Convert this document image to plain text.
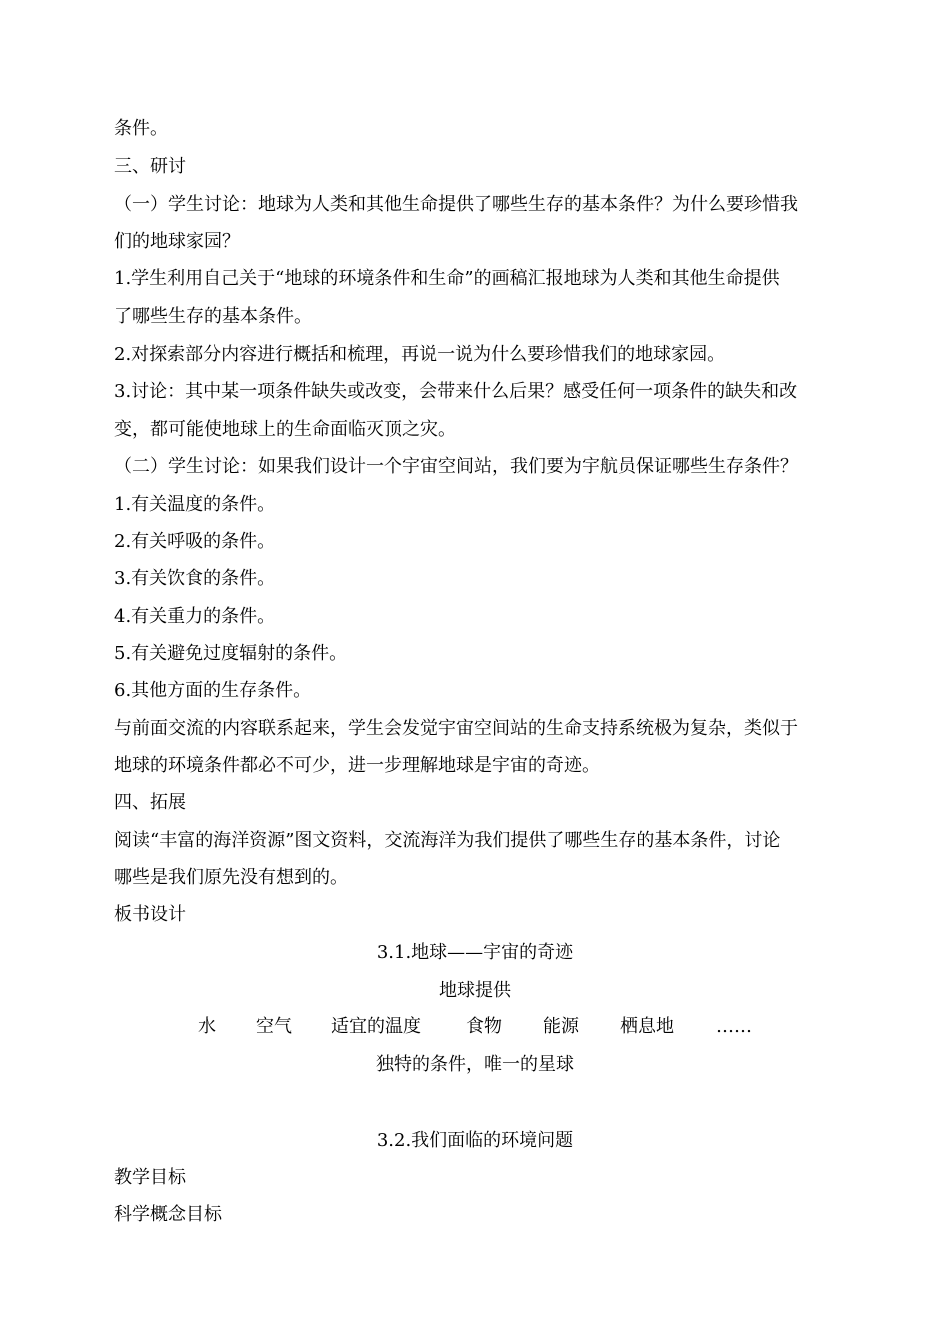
条件。
三、研讨
（一）学生讨论：地球为人类和其他生命提供了哪些生存的基本条件？为什么要珍惜我
们的地球家园？
1.学生利用自己关于“地球的环境条件和生命”的画稿汇报地球为人类和其他生命提供
了哪些生存的基本条件。
2.对探索部分内容进行概括和梳理，再说一说为什么要珍惜我们的地球家园。
3.讨论：其中某一项条件缺失或改变，会带来什么后果？感受任何一项条件的缺失和改
变，都可能使地球上的生命面临灭顶之灾。
（二）学生讨论：如果我们设计一个宇宙空间站，我们要为宇航员保证哪些生存条件？
1.有关温度的条件。
2.有关呼吸的条件。
3.有关饮食的条件。
4.有关重力的条件。
5.有关避免过度辐射的条件。
6.其他方面的生存条件。
与前面交流的内容联系起来，学生会发觉宇宙空间站的生命支持系统极为复杂，类似于
地球的环境条件都必不可少，进一步理解地球是宇宙的奇迹。
四、拓展
阅读“丰富的海洋资源”图文资料，交流海洋为我们提供了哪些生存的基本条件，讨论
哪些是我们原先没有想到的。
板书设计
3.1.地球——宇宙的奇迹
地球提供
水 空气 适宜的温度	食物 能源 栖息地 ……
独特的条件，唯一的星球
3.2.我们面临的环境问题
教学目标
科学概念目标
